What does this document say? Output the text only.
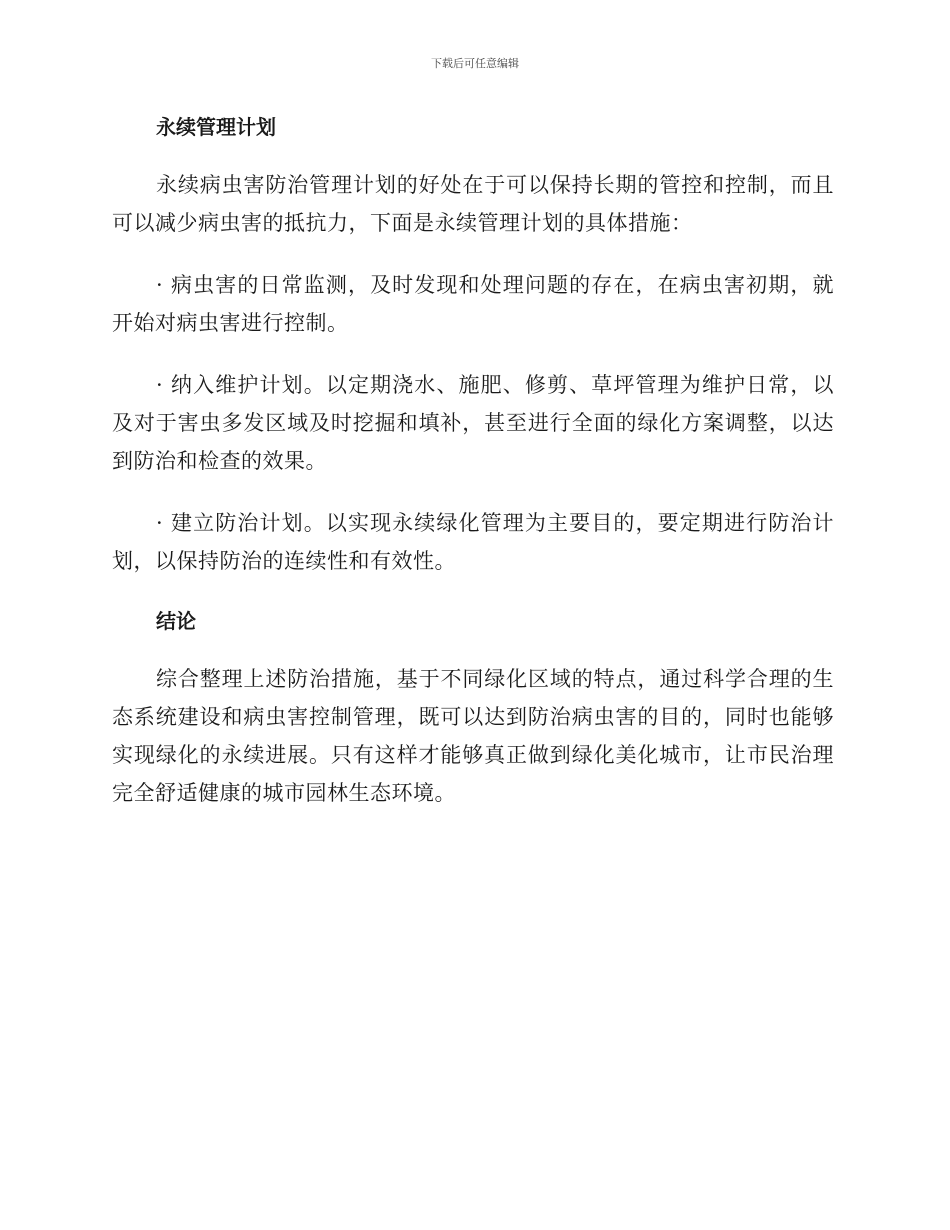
下载后可任意编辑
永续管理计划

永续病虫害防治管理计划的好处在于可以保持长期的管控和控制，而且可以减少病虫害的抵抗力，下面是永续管理计划的具体措施：

· 病虫害的日常监测，及时发现和处理问题的存在，在病虫害初期，就开始对病虫害进行控制。

· 纳入维护计划。以定期浇水、施肥、修剪、草坪管理为维护日常，以及对于害虫多发区域及时挖掘和填补，甚至进行全面的绿化方案调整，以达到防治和检查的效果。

· 建立防治计划。以实现永续绿化管理为主要目的，要定期进行防治计划，以保持防治的连续性和有效性。

结论

综合整理上述防治措施，基于不同绿化区域的特点，通过科学合理的生态系统建设和病虫害控制管理，既可以达到防治病虫害的目的，同时也能够实现绿化的永续进展。只有这样才能够真正做到绿化美化城市，让市民治理完全舒适健康的城市园林生态环境。
